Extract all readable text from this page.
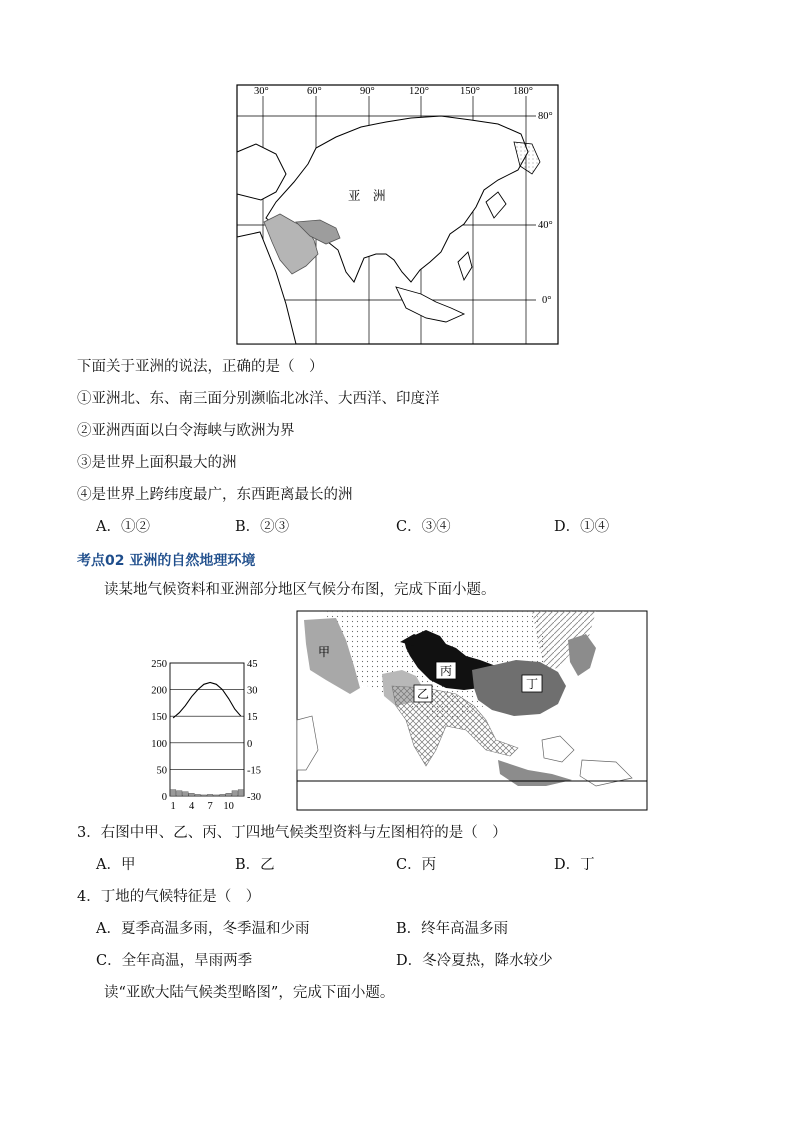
30°	60°	90°	120°	150°	180°
80°
40°
0°
亚　洲
下面关于亚洲的说法，正确的是（　）
①亚洲北、东、南三面分别濒临北冰洋、大西洋、印度洋
②亚洲西面以白令海峡与欧洲为界
③是世界上面积最大的洲
④是世界上跨纬度最广，东西距离最长的洲
A．①②	B．②③	C．③④	D．①④
考点02 亚洲的自然地理环境
读某地气候资料和亚洲部分地区气候分布图，完成下面小题。
250
200
150
100
50
0
45
30
15
0
-15
-30
1 4 7 10
甲
丙
乙
丁
3．右图中甲、乙、丙、丁四地气候类型资料与左图相符的是（　）
A．甲	B．乙	C．丙	D．丁
4．丁地的气候特征是（　）
A．夏季高温多雨，冬季温和少雨	B．终年高温多雨
C．全年高温，旱雨两季	D．冬冷夏热，降水较少
读“亚欧大陆气候类型略图”，完成下面小题。
